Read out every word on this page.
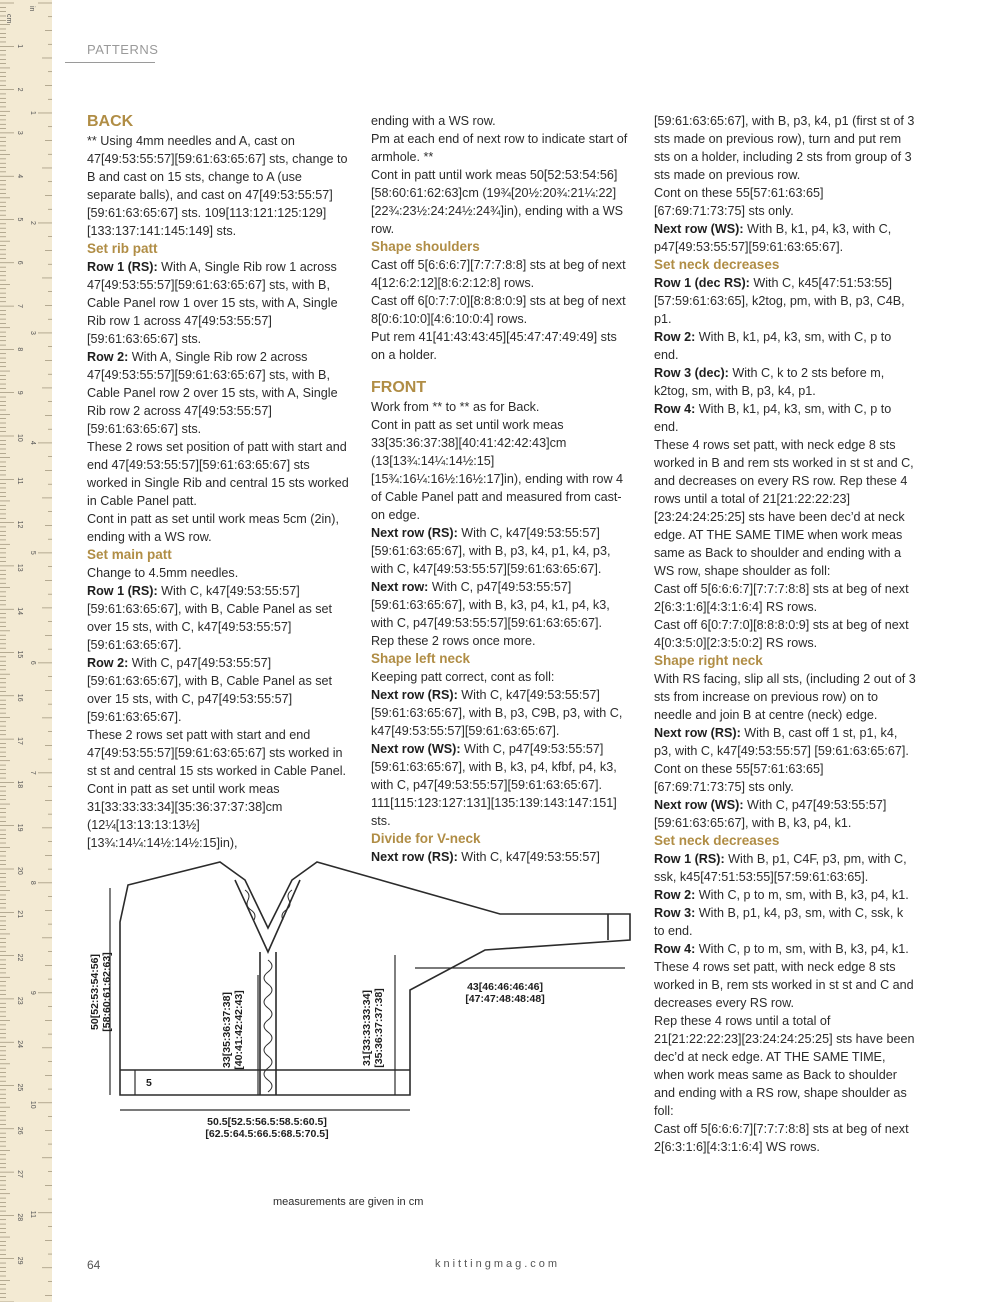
cm
in
1
2
3
4
5
6
7
8
9
10
11
12
13
14
15
16
17
18
19
20
21
22
23
24
25
26
27
28
29
1
2
3
4
5
6
7
8
9
10
11
PATTERNS

BACK

** Using 4mm needles and A, cast on 47[49:53:55:57][59:61:63:65:67] sts, change to B and cast on 15 sts, change to A (use separate balls), and cast on 47[49:53:55:57][59:61:63:65:67] sts. 109[113:121:125:129][133:137:141:145:149] sts.

Set rib patt

Row 1 (RS): With A, Single Rib row 1 across 47[49:53:55:57][59:61:63:65:67] sts, with B, Cable Panel row 1 over 15 sts, with A, Single Rib row 1 across 47[49:53:55:57] [59:61:63:65:67] sts.

Row 2: With A, Single Rib row 2 across 47[49:53:55:57][59:61:63:65:67] sts, with B, Cable Panel row 2 over 15 sts, with A, Single Rib row 2 across 47[49:53:55:57] [59:61:63:65:67] sts.

These 2 rows set position of patt with start and end 47[49:53:55:57][59:61:63:65:67] sts worked in Single Rib and central 15 sts worked in Cable Panel patt.

Cont in patt as set until work meas 5cm (2in), ending with a WS row.

Set main patt

Change to 4.5mm needles.

Row 1 (RS): With C, k47[49:53:55:57] [59:61:63:65:67], with B, Cable Panel as set over 15 sts, with C, k47[49:53:55:57] [59:61:63:65:67].

Row 2: With C, p47[49:53:55:57] [59:61:63:65:67], with B, Cable Panel as set over 15 sts, with C, p47[49:53:55:57] [59:61:63:65:67].

These 2 rows set patt with start and end 47[49:53:55:57][59:61:63:65:67] sts worked in st st and central 15 sts worked in Cable Panel.

Cont in patt as set until work meas 31[33:33:33:34][35:36:37:37:38]cm (12¼[13:13:13:13½][13¾:14¼:14½:14½:15]in),

ending with a WS row.

Pm at each end of next row to indicate start of armhole. **

Cont in patt until work meas 50[52:53:54:56][58:60:61:62:63]cm (19¾[20½:20¾:21¼:22] [22¾:23½:24:24½:24¾]in), ending with a WS row.

Shape shoulders

Cast off 5[6:6:6:7][7:7:7:8:8] sts at beg of next 4[12:6:2:12][8:6:2:12:8] rows.

Cast off 6[0:7:7:0][8:8:8:0:9] sts at beg of next 8[0:6:10:0][4:6:10:0:4] rows.

Put rem 41[41:43:43:45][45:47:47:49:49] sts on a holder.

FRONT

Work from ** to ** as for Back.

Cont in patt as set until work meas 33[35:36:37:38][40:41:42:42:43]cm (13[13¾:14¼:14½:15][15¾:16¼:16½:16½:17]in), ending with row 4 of Cable Panel patt and measured from cast-on edge.

Next row (RS): With C, k47[49:53:55:57] [59:61:63:65:67], with B, p3, k4, p1, k4, p3, with C, k47[49:53:55:57][59:61:63:65:67].

Next row: With C, p47[49:53:55:57] [59:61:63:65:67], with B, k3, p4, k1, p4, k3, with C, p47[49:53:55:57][59:61:63:65:67].

Rep these 2 rows once more.

Shape left neck

Keeping patt correct, cont as foll:

Next row (RS): With C, k47[49:53:55:57] [59:61:63:65:67], with B, p3, C9B, p3, with C, k47[49:53:55:57][59:61:63:65:67].

Next row (WS): With C, p47[49:53:55:57] [59:61:63:65:67], with B, k3, p4, kfbf, p4, k3, with C, p47[49:53:55:57][59:61:63:65:67]. 111[115:123:127:131][135:139:143:147:151] sts.

Divide for V-neck

Next row (RS): With C, k47[49:53:55:57]

[59:61:63:65:67], with B, p3, k4, p1 (first st of 3 sts made on previous row), turn and put rem sts on a holder, including 2 sts from group of 3 sts made on previous row.

Cont on these 55[57:61:63:65] [67:69:71:73:75] sts only.

Next row (WS): With B, k1, p4, k3, with C, p47[49:53:55:57][59:61:63:65:67].

Set neck decreases

Row 1 (dec RS): With C, k45[47:51:53:55] [57:59:61:63:65], k2tog, pm, with B, p3, C4B, p1.

Row 2: With B, k1, p4, k3, sm, with C, p to end.

Row 3 (dec): With C, k to 2 sts before m, k2tog, sm, with B, p3, k4, p1.

Row 4: With B, k1, p4, k3, sm, with C, p to end.

These 4 rows set patt, with neck edge 8 sts worked in B and rem sts worked in st st and C, and decreases on every RS row. Rep these 4 rows until a total of 21[21:22:22:23][23:24:24:25:25] sts have been dec’d at neck edge. AT THE SAME TIME when work meas same as Back to shoulder and ending with a WS row, shape shoulder as foll:

Cast off 5[6:6:6:7][7:7:7:8:8] sts at beg of next 2[6:3:1:6][4:3:1:6:4] RS rows.

Cast off 6[0:7:7:0][8:8:8:0:9] sts at beg of next 4[0:3:5:0][2:3:5:0:2] RS rows.

Shape right neck

With RS facing, slip all sts, (including 2 out of 3 sts from increase on previous row) on to needle and join B at centre (neck) edge.

Next row (RS): With B, cast off 1 st, p1, k4, p3, with C, k47[49:53:55:57] [59:61:63:65:67].

Cont on these 55[57:61:63:65] [67:69:71:73:75] sts only.

Next row (WS): With C, p47[49:53:55:57] [59:61:63:65:67], with B, k3, p4, k1.

Set neck decreases

Row 1 (RS): With B, p1, C4F, p3, pm, with C, ssk, k45[47:51:53:55][57:59:61:63:65].

Row 2: With C, p to m, sm, with B, k3, p4, k1.

Row 3: With B, p1, k4, p3, sm, with C, ssk, k to end.

Row 4: With C, p to m, sm, with B, k3, p4, k1.

These 4 rows set patt, with neck edge 8 sts worked in B, rem sts worked in st st and C and decreases every RS row.

Rep these 4 rows until a total of 21[21:22:22:23][23:24:24:25:25] sts have been dec’d at neck edge. AT THE SAME TIME, when work meas same as Back to shoulder and ending with a RS row, shape shoulder as foll:

Cast off 5[6:6:6:7][7:7:7:8:8] sts at beg of next 2[6:3:1:6][4:3:1:6:4] WS rows.

50[52:53:54:56] [58:60:61:62:63]	33[35:36:37:38] [40:41:42:42:43]	31[33:33:33:34] [35:36:37:37:38]
43[46:46:46:46]
[47:47:48:48:48]
50.5[52.5:56.5:58.5:60.5]
[62.5:64.5:66.5:68.5:70.5]
5
measurements are given in cm
64	knittingmag.com
